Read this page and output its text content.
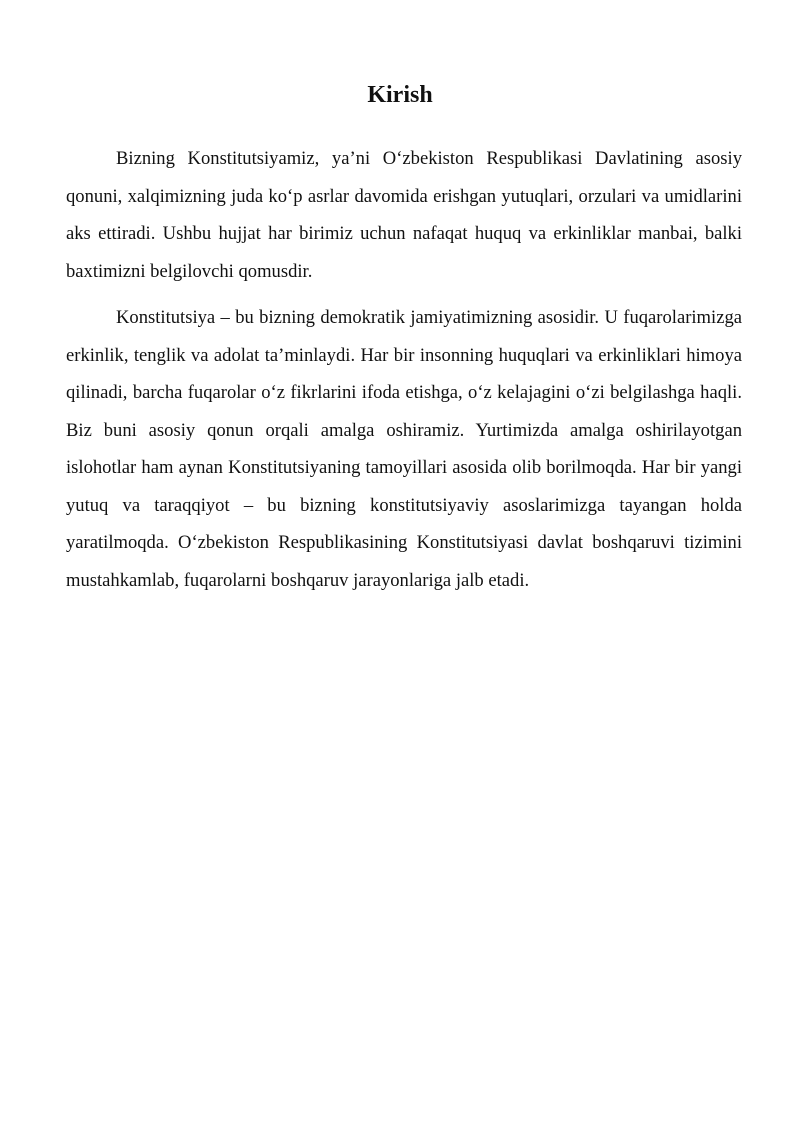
Kirish

Bizning Konstitutsiyamiz, ya’ni O‘zbekiston Respublikasi Davlatining asosiy qonuni, xalqimizning juda ko‘p asrlar davomida erishgan yutuqlari, orzulari va umidlarini aks ettiradi. Ushbu hujjat har birimiz uchun nafaqat huquq va erkinliklar manbai, balki baxtimizni belgilovchi qomusdir.

Konstitutsiya – bu bizning demokratik jamiyatimizning asosidir. U fuqarolarimizga erkinlik, tenglik va adolat ta’minlaydi. Har bir insonning huquqlari va erkinliklari himoya qilinadi, barcha fuqarolar o‘z fikrlarini ifoda etishga, o‘z kelajagini o‘zi belgilashga haqli. Biz buni asosiy qonun orqali amalga oshiramiz. Yurtimizda amalga oshirilayotgan islohotlar ham aynan Konstitutsiyaning tamoyillari asosida olib borilmoqda. Har bir yangi yutuq va taraqqiyot – bu bizning konstitutsiyaviy asoslarimizga tayangan holda yaratilmoqda. O‘zbekiston Respublikasining Konstitutsiyasi davlat boshqaruvi tizimini mustahkamlab, fuqarolarni boshqaruv jarayonlariga jalb etadi.
